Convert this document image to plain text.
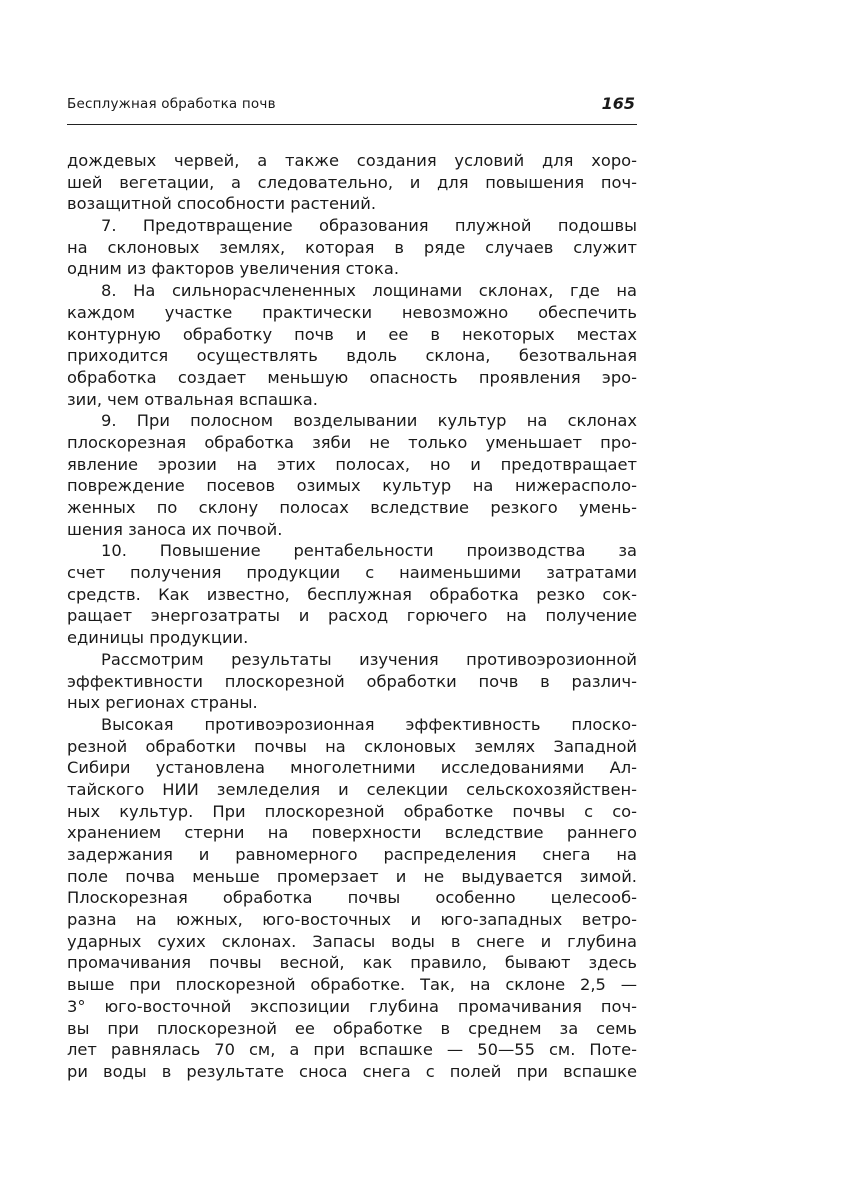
Бесплужная обработка почв	165
дождевых червей, а также создания условий для хоро-
шей вегетации, а следовательно, и для повышения поч-
возащитной способности растений.
7. Предотвращение образования плужной подошвы
на склоновых землях, которая в ряде случаев служит
одним из факторов увеличения стока.
8. На сильнорасчлененных лощинами склонах, где на
каждом участке практически невозможно обеспечить
контурную обработку почв и ее в некоторых местах
приходится осуществлять вдоль склона, безотвальная
обработка создает меньшую опасность проявления эро-
зии, чем отвальная вспашка.
9. При полосном возделывании культур на склонах
плоскорезная обработка зяби не только уменьшает про-
явление эрозии на этих полосах, но и предотвращает
повреждение посевов озимых культур на нижерасполо-
женных по склону полосах вследствие резкого умень-
шения заноса их почвой.
10. Повышение рентабельности производства за
счет получения продукции с наименьшими затратами
средств. Как известно, бесплужная обработка резко сок-
ращает энергозатраты и расход горючего на получение
единицы продукции.
Рассмотрим результаты изучения противоэрозионной
эффективности плоскорезной обработки почв в различ-
ных регионах страны.
Высокая противоэрозионная эффективность плоско-
резной обработки почвы на склоновых землях Западной
Сибири установлена многолетними исследованиями Ал-
тайского НИИ земледелия и селекции сельскохозяйствен-
ных культур. При плоскорезной обработке почвы с со-
хранением стерни на поверхности вследствие раннего
задержания и равномерного распределения снега на
поле почва меньше промерзает и не выдувается зимой.
Плоскорезная обработка почвы особенно целесооб-
разна на южных, юго-восточных и юго-западных ветро-
ударных сухих склонах. Запасы воды в снеге и глубина
промачивания почвы весной, как правило, бывают здесь
выше при плоскорезной обработке. Так, на склоне 2,5 —
3° юго-восточной экспозиции глубина промачивания поч-
вы при плоскорезной ее обработке в среднем за семь
лет равнялась 70 см, а при вспашке — 50—55 см. Поте-
ри воды в результате сноса снега с полей при вспашке
